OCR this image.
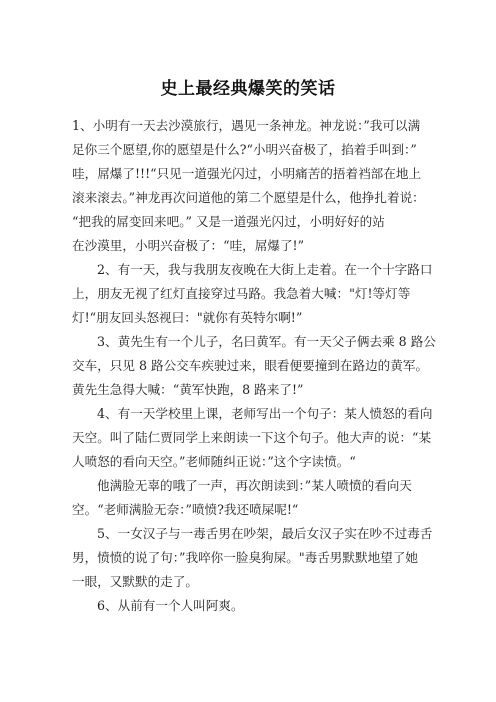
史上最经典爆笑的笑话
1、小明有一天去沙漠旅行，遇见一条神龙。神龙说：”我可以满
足你三个愿望,你的愿望是什么?“小明兴奋极了，掐着手叫到：”
哇，屌爆了!!!“只见一道强光闪过，小明痛苦的捂着裆部在地上
滚来滚去。”神龙再次问道他的第二个愿望是什么，他挣扎着说：
“把我的屌变回来吧。” 又是一道强光闪过，小明好好的站
在沙漠里，小明兴奋极了：“哇，屌爆了!”
2、有一天，我与我朋友夜晚在大街上走着。在一个十字路口
上，朋友无视了红灯直接穿过马路。我急着大喊："灯!等灯等
灯!“朋友回头怒视曰："就你有英特尔啊!”
3、黄先生有一个儿子，名曰黄军。有一天父子俩去乘 8 路公
交车，只见 8 路公交车疾驶过来，眼看便要撞到在路边的黄军。
黄先生急得大喊：“黄军快跑，8 路来了!”
4、有一天学校里上课，老师写出一个句子：某人愤怒的看向
天空。叫了陆仁贾同学上来朗读一下这个句子。他大声的说：“某
人喷怒的看向天空。”老师随纠正说：”这个字读愤。“
他满脸无辜的哦了一声，再次朗读到：”某人喷愤的看向天
空。“老师满脸无奈：”喷愤?我还喷屎呢!“
5、一女汉子与一毒舌男在吵架，最后女汉子实在吵不过毒舌
男，愤愤的说了句：”我啐你一脸臭狗屎。"毒舌男默默地望了她
一眼，又默默的走了。
6、从前有一个人叫阿爽。
